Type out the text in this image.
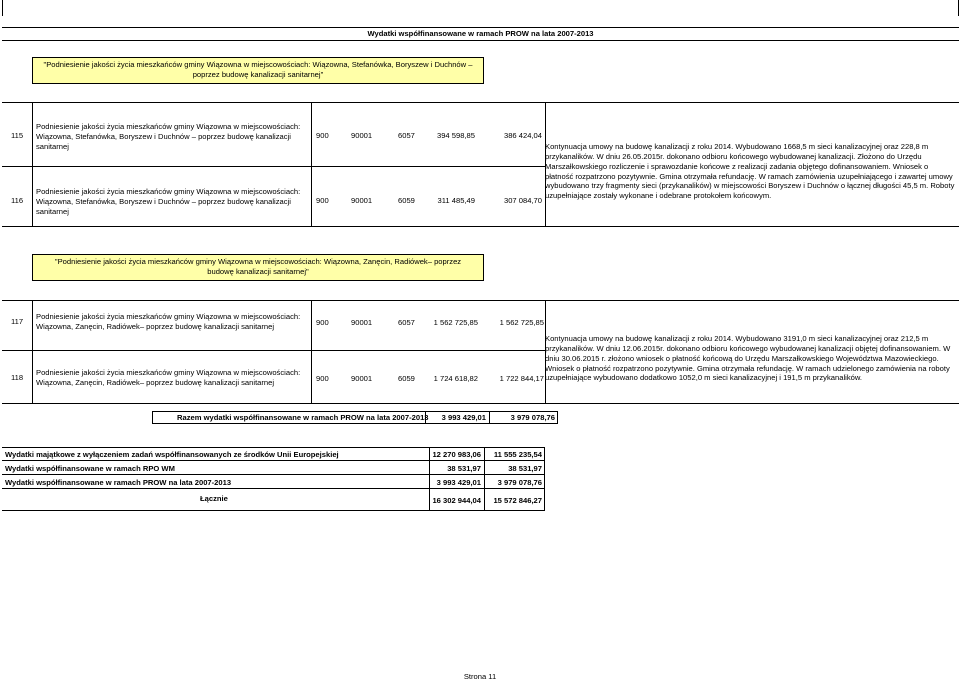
Wydatki współfinansowane w ramach PROW na lata 2007-2013
"Podniesienie jakości życia mieszkańców gminy Wiązowna w miejscowościach: Wiązowna, Stefanówka, Boryszew i Duchnów – poprzez budowę kanalizacji sanitarnej"
115
Podniesienie jakości życia mieszkańców gminy Wiązowna w miejscowościach: Wiązowna, Stefanówka, Boryszew i Duchnów – poprzez budowę kanalizacji sanitarnej
900	90001	6057	394 598,85	386 424,04
116
Podniesienie jakości życia mieszkańców gminy Wiązowna w miejscowościach: Wiązowna, Stefanówka, Boryszew i Duchnów – poprzez budowę kanalizacji sanitarnej
900	90001	6059	311 485,49	307 084,70
Kontynuacja umowy na budowę kanalizacji z roku 2014. Wybudowano 1668,5 m sieci kanalizacyjnej oraz 228,8 m przykanalików. W dniu 26.05.2015r. dokonano odbioru końcowego wybudowanej kanalizacji. Złożono do Urzędu Marszałkowskiego rozliczenie i sprawozdanie końcowe z realizacji zadania objętego dofinansowaniem. Wniosek o płatność rozpatrzono pozytywnie. Gmina otrzymała refundację. W ramach zamówienia uzupełniającego i zawartej umowy wybudowano trzy fragmenty sieci (przykanalików) w miejscowości Boryszew i Duchnów o łącznej długości 45,5 m. Roboty uzupełniające zostały wykonane i odebrane protokołem końcowym.
"Podniesienie jakości życia mieszkańców gminy Wiązowna w miejscowościach: Wiązowna, Zanęcin, Radiówek– poprzez budowę kanalizacji sanitarnej"
117
Podniesienie jakości życia mieszkańców gminy Wiązowna w miejscowościach: Wiązowna, Zanęcin, Radiówek– poprzez budowę kanalizacji sanitarnej	900	90001	6057	1 562 725,85	1 562 725,85
118
Podniesienie jakości życia mieszkańców gminy Wiązowna w miejscowościach: Wiązowna, Zanęcin, Radiówek– poprzez budowę kanalizacji sanitarnej	900	90001	6059	1 724 618,82	1 722 844,17
Kontynuacja umowy na budowę kanalizacji z roku 2014. Wybudowano 3191,0 m sieci kanalizacyjnej oraz 212,5 m przykanalików. W dniu 12.06.2015r. dokonano odbioru końcowego wybudowanej kanalizacji objętej dofinansowaniem. W dniu 30.06.2015 r. złożono wniosek o płatność końcową do Urzędu Marszałkowskiego Województwa Mazowieckiego. Wniosek o płatność rozpatrzono pozytywnie. Gmina otrzymała refundację. W ramach udzielonego zamówienia na roboty uzupełniające wybudowano dodatkowo 1052,0 m sieci kanalizacyjnej i 191,5 m przykanalików.
Razem wydatki współfinansowane w ramach PROW na lata 2007-2013	3 993 429,01	3 979 078,76
Wydatki majątkowe z wyłączeniem zadań współfinansowanych ze środków Unii Europejskiej	12 270 983,06	11 555 235,54
Wydatki współfinansowane w ramach RPO WM	38 531,97	38 531,97
Wydatki współfinansowane w ramach PROW na lata 2007-2013	3 993 429,01	3 979 078,76
Łącznie	16 302 944,04	15 572 846,27
Strona 11
